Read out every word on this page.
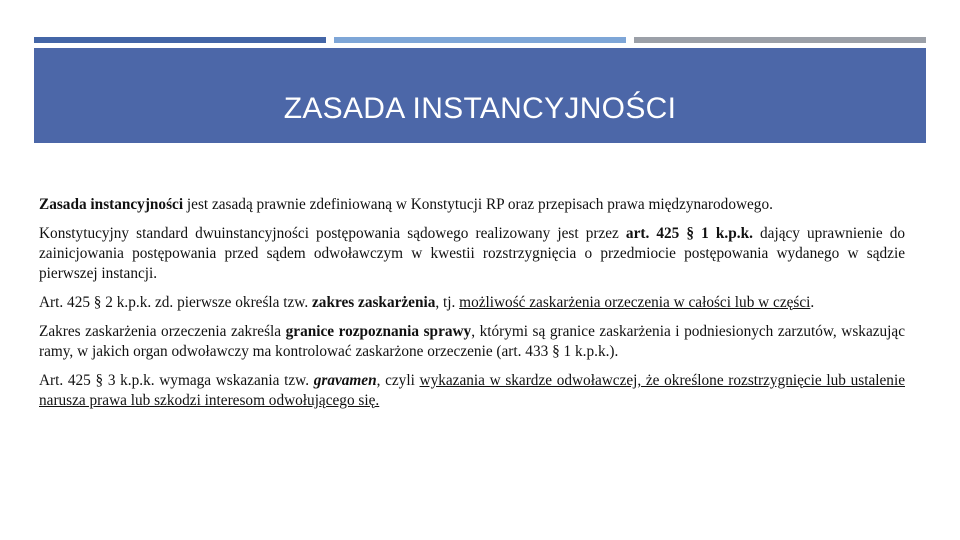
ZASADA INSTANCYJNOŚCI

Zasada instancyjności jest zasadą prawnie zdefiniowaną w Konstytucji RP oraz przepisach prawa międzynarodowego.

Konstytucyjny standard dwuinstancyjności postępowania sądowego realizowany jest przez art. 425 § 1 k.p.k. dający uprawnienie do zainicjowania postępowania przed sądem odwoławczym w kwestii rozstrzygnięcia o przedmiocie postępowania wydanego w sądzie pierwszej instancji.

Art. 425 § 2 k.p.k. zd. pierwsze określa tzw. zakres zaskarżenia, tj. możliwość zaskarżenia orzeczenia w całości lub w części.

Zakres zaskarżenia orzeczenia zakreśla granice rozpoznania sprawy, którymi są granice zaskarżenia i podniesionych zarzutów, wskazując ramy, w jakich organ odwoławczy ma kontrolować zaskarżone orzeczenie (art. 433 § 1 k.p.k.).

Art. 425 § 3 k.p.k. wymaga wskazania tzw. gravamen, czyli wykazania w skardze odwoławczej, że określone rozstrzygnięcie lub ustalenie narusza prawa lub szkodzi interesom odwołującego się.
